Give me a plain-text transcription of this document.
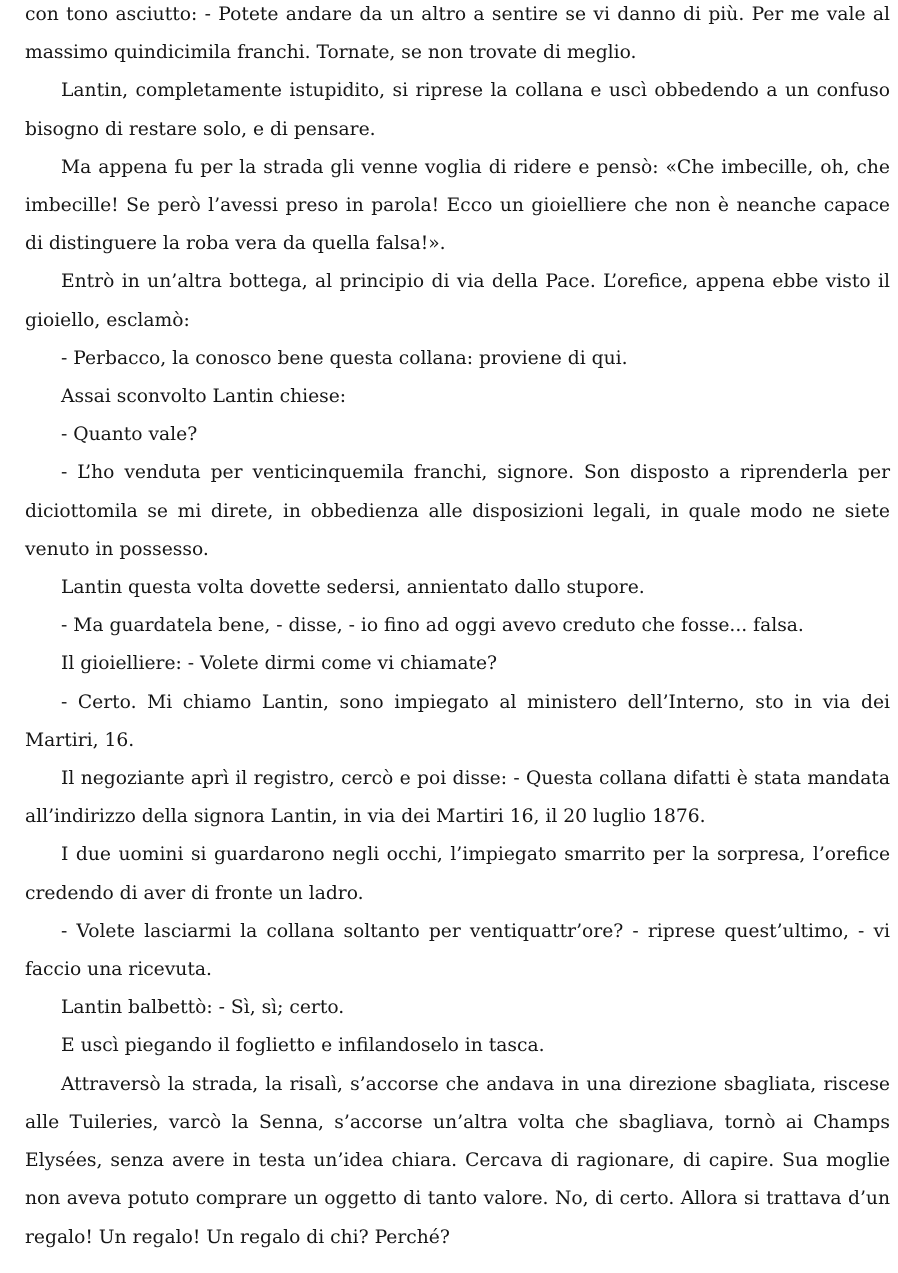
con tono asciutto: - Potete andare da un altro a sentire se vi danno di più. Per me vale al massimo quindicimila franchi. Tornate, se non trovate di meglio.

Lantin, completamente istupidito, si riprese la collana e uscì obbedendo a un confuso bisogno di restare solo, e di pensare.

Ma appena fu per la strada gli venne voglia di ridere e pensò: «Che imbecille, oh, che imbecille! Se però l’avessi preso in parola! Ecco un gioielliere che non è neanche capace di distinguere la roba vera da quella falsa!».

Entrò in un’altra bottega, al principio di via della Pace. L’orefice, appena ebbe visto il gioiello, esclamò:

- Perbacco, la conosco bene questa collana: proviene di qui.

Assai sconvolto Lantin chiese:

- Quanto vale?

- L’ho venduta per venticinquemila franchi, signore. Son disposto a riprenderla per diciottomila se mi direte, in obbedienza alle disposizioni legali, in quale modo ne siete venuto in possesso.

Lantin questa volta dovette sedersi, annientato dallo stupore.

- Ma guardatela bene, - disse, - io fino ad oggi avevo creduto che fosse... falsa.

Il gioielliere: - Volete dirmi come vi chiamate?

- Certo. Mi chiamo Lantin, sono impiegato al ministero dell’Interno, sto in via dei Martiri, 16.

Il negoziante aprì il registro, cercò e poi disse: - Questa collana difatti è stata mandata all’indirizzo della signora Lantin, in via dei Martiri 16, il 20 luglio 1876.

I due uomini si guardarono negli occhi, l’impiegato smarrito per la sorpresa, l’orefice credendo di aver di fronte un ladro.

- Volete lasciarmi la collana soltanto per ventiquattr’ore? - riprese quest’ultimo, - vi faccio una ricevuta.

Lantin balbettò: - Sì, sì; certo.

E uscì piegando il foglietto e infilandoselo in tasca.

Attraversò la strada, la risalì, s’accorse che andava in una direzione sbagliata, riscese alle Tuileries, varcò la Senna, s’accorse un’altra volta che sbagliava, tornò ai Champs Elysées, senza avere in testa un’idea chiara. Cercava di ragionare, di capire. Sua moglie non aveva potuto comprare un oggetto di tanto valore. No, di certo. Allora si trattava d’un regalo! Un regalo! Un regalo di chi? Perché?
